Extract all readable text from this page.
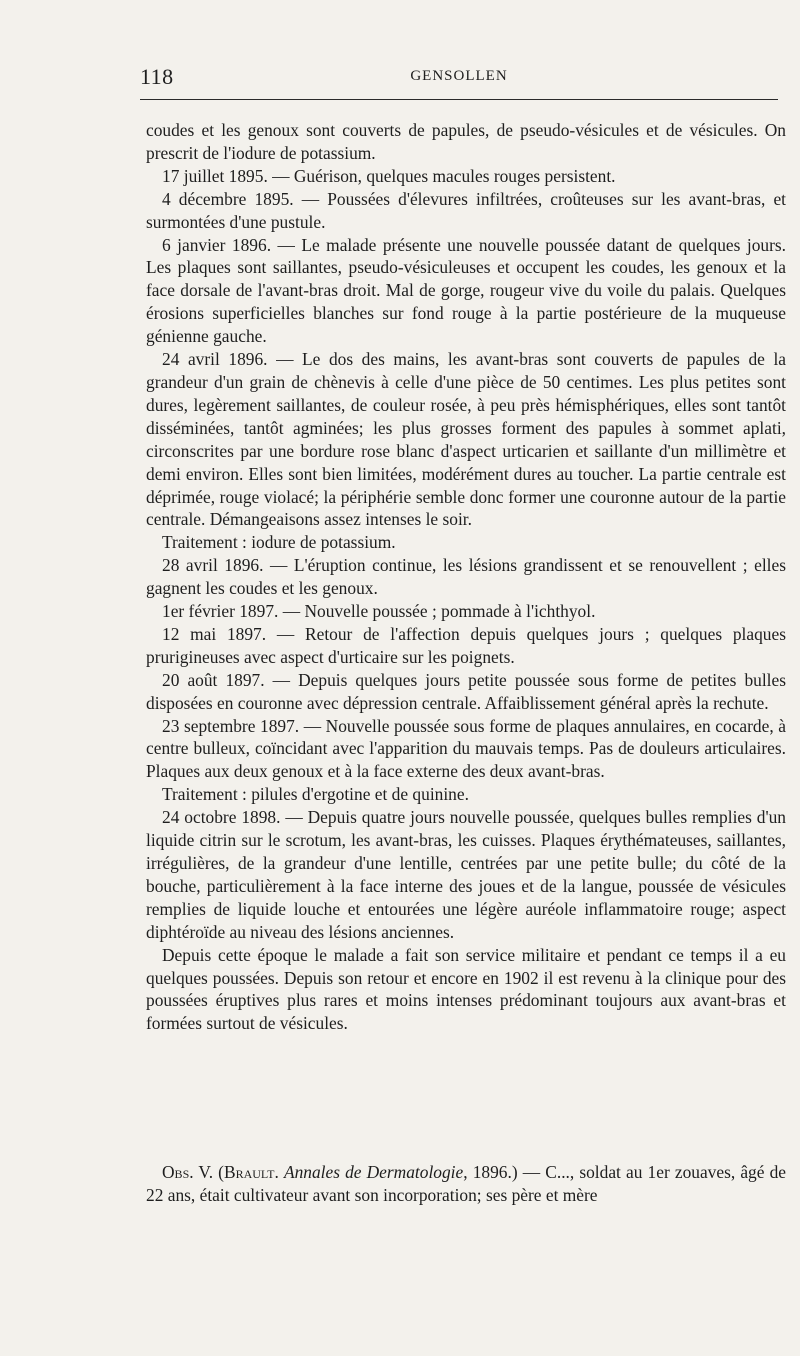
118	GENSOLLEN

coudes et les genoux sont couverts de papules, de pseudo-vésicules et de vésicules. On prescrit de l'iodure de potassium.

17 juillet 1895. — Guérison, quelques macules rouges persistent.

4 décembre 1895. — Poussées d'élevures infiltrées, croûteuses sur les avant-bras, et surmontées d'une pustule.

6 janvier 1896. — Le malade présente une nouvelle poussée datant de quelques jours. Les plaques sont saillantes, pseudo-vésiculeuses et occupent les coudes, les genoux et la face dorsale de l'avant-bras droit. Mal de gorge, rougeur vive du voile du palais. Quelques érosions superficielles blanches sur fond rouge à la partie postérieure de la muqueuse génienne gauche.

24 avril 1896. — Le dos des mains, les avant-bras sont couverts de papules de la grandeur d'un grain de chènevis à celle d'une pièce de 50 centimes. Les plus petites sont dures, legèrement saillantes, de couleur rosée, à peu près hémisphériques, elles sont tantôt disséminées, tantôt agminées; les plus grosses forment des papules à sommet aplati, circonscrites par une bordure rose blanc d'aspect urticarien et saillante d'un millimètre et demi environ. Elles sont bien limitées, modérément dures au toucher. La partie centrale est déprimée, rouge violacé; la périphérie semble donc former une couronne autour de la partie centrale. Démangeaisons assez intenses le soir.

Traitement : iodure de potassium.

28 avril 1896. — L'éruption continue, les lésions grandissent et se renouvellent ; elles gagnent les coudes et les genoux.

1er février 1897. — Nouvelle poussée ; pommade à l'ichthyol.

12 mai 1897. — Retour de l'affection depuis quelques jours ; quelques plaques prurigineuses avec aspect d'urticaire sur les poignets.

20 août 1897. — Depuis quelques jours petite poussée sous forme de petites bulles disposées en couronne avec dépression centrale. Affaiblissement général après la rechute.

23 septembre 1897. — Nouvelle poussée sous forme de plaques annulaires, en cocarde, à centre bulleux, coïncidant avec l'apparition du mauvais temps. Pas de douleurs articulaires. Plaques aux deux genoux et à la face externe des deux avant-bras.

Traitement : pilules d'ergotine et de quinine.

24 octobre 1898. — Depuis quatre jours nouvelle poussée, quelques bulles remplies d'un liquide citrin sur le scrotum, les avant-bras, les cuisses. Plaques érythémateuses, saillantes, irrégulières, de la grandeur d'une lentille, centrées par une petite bulle; du côté de la bouche, particulièrement à la face interne des joues et de la langue, poussée de vésicules remplies de liquide louche et entourées une légère auréole inflammatoire rouge; aspect diphtéroïde au niveau des lésions anciennes.

Depuis cette époque le malade a fait son service militaire et pendant ce temps il a eu quelques poussées. Depuis son retour et encore en 1902 il est revenu à la clinique pour des poussées éruptives plus rares et moins intenses prédominant toujours aux avant-bras et formées surtout de vésicules.

Obs. V. (Brault. Annales de Dermatologie, 1896.) — C..., soldat au 1er zouaves, âgé de 22 ans, était cultivateur avant son incorporation; ses père et mère
